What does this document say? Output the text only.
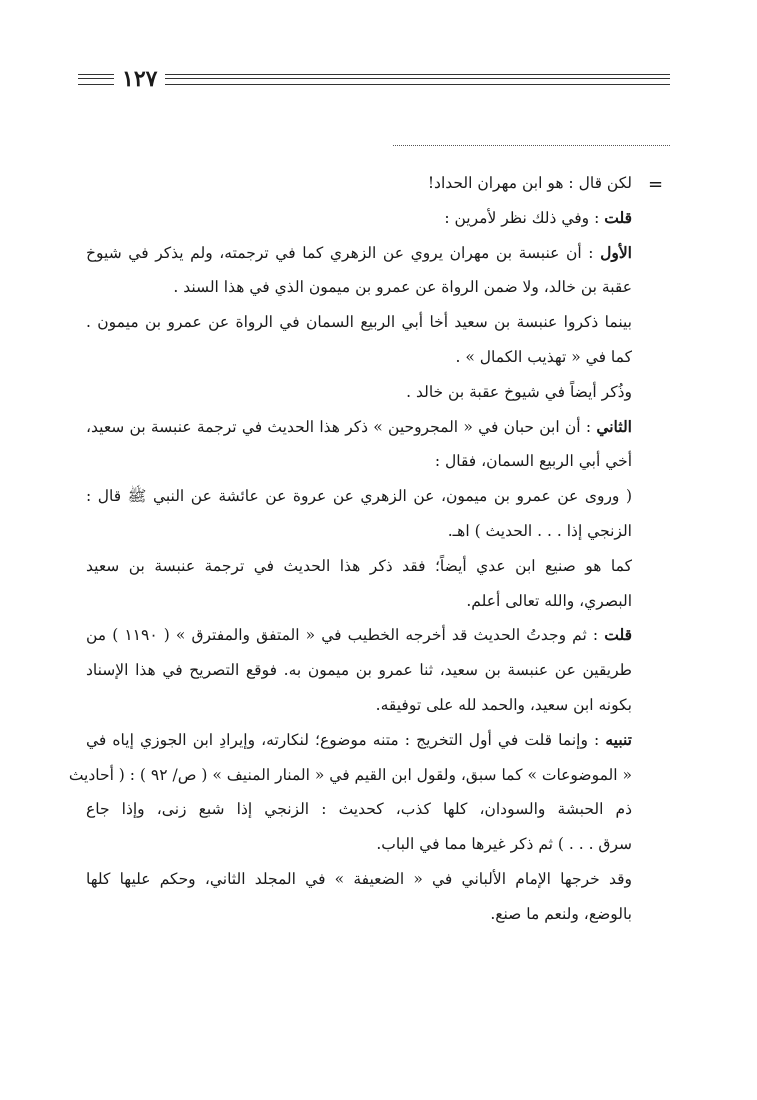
١٢٧
=
لكن قال : هو ابن مهران الحداد!
قلت : وفي ذلك نظر لأمرين :
الأول : أن عنبسة بن مهران يروي عن الزهري كما في ترجمته، ولم يذكر في شيوخ
عقبة بن خالد، ولا ضمن الرواة عن عمرو بن ميمون الذي في هذا السند .
بينما ذكروا عنبسة بن سعيد أخا أبي الربيع السمان في الرواة عن عمرو بن ميمون .
كما في « تهذيب الكمال » .
وذُكر أيضاً في شيوخ عقبة بن خالد .
الثاني : أن ابن حبان في « المجروحين » ذكر هذا الحديث في ترجمة عنبسة بن سعيد،
أخي أبي الربيع السمان، فقال :
( وروى عن عمرو بن ميمون، عن الزهري عن عروة عن عائشة عن النبي ﷺ قال :
الزنجي إذا . . . الحديث ) اهـ.
كما هو صنيع ابن عدي أيضاً؛ فقد ذكر هذا الحديث في ترجمة عنبسة بن سعيد
البصري، والله تعالى أعلم.
قلت : ثم وجدتُ الحديث قد أخرجه الخطيب في « المتفق والمفترق » ( ١١٩٠ ) من
طريقين عن عنبسة بن سعيد، ثنا عمرو بن ميمون به. فوقع التصريح في هذا الإسناد
بكونه ابن سعيد، والحمد لله على توفيقه.
تنبيه : وإنما قلت في أول التخريج : متنه موضوع؛ لنكارته، وإيرادِ ابن الجوزي إياه في
« الموضوعات » كما سبق، ولقول ابن القيم في « المنار المنيف » ( ص/ ٩٢ ) : ( أحاديث
ذم الحبشة والسودان، كلها كذب، كحديث : الزنجي إذا شبع زنى، وإذا جاع
سرق . . . ) ثم ذكر غيرها مما في الباب.
وقد خرجها الإمام الألباني في « الضعيفة » في المجلد الثاني، وحكم عليها كلها
بالوضع، ولنعم ما صنع.
